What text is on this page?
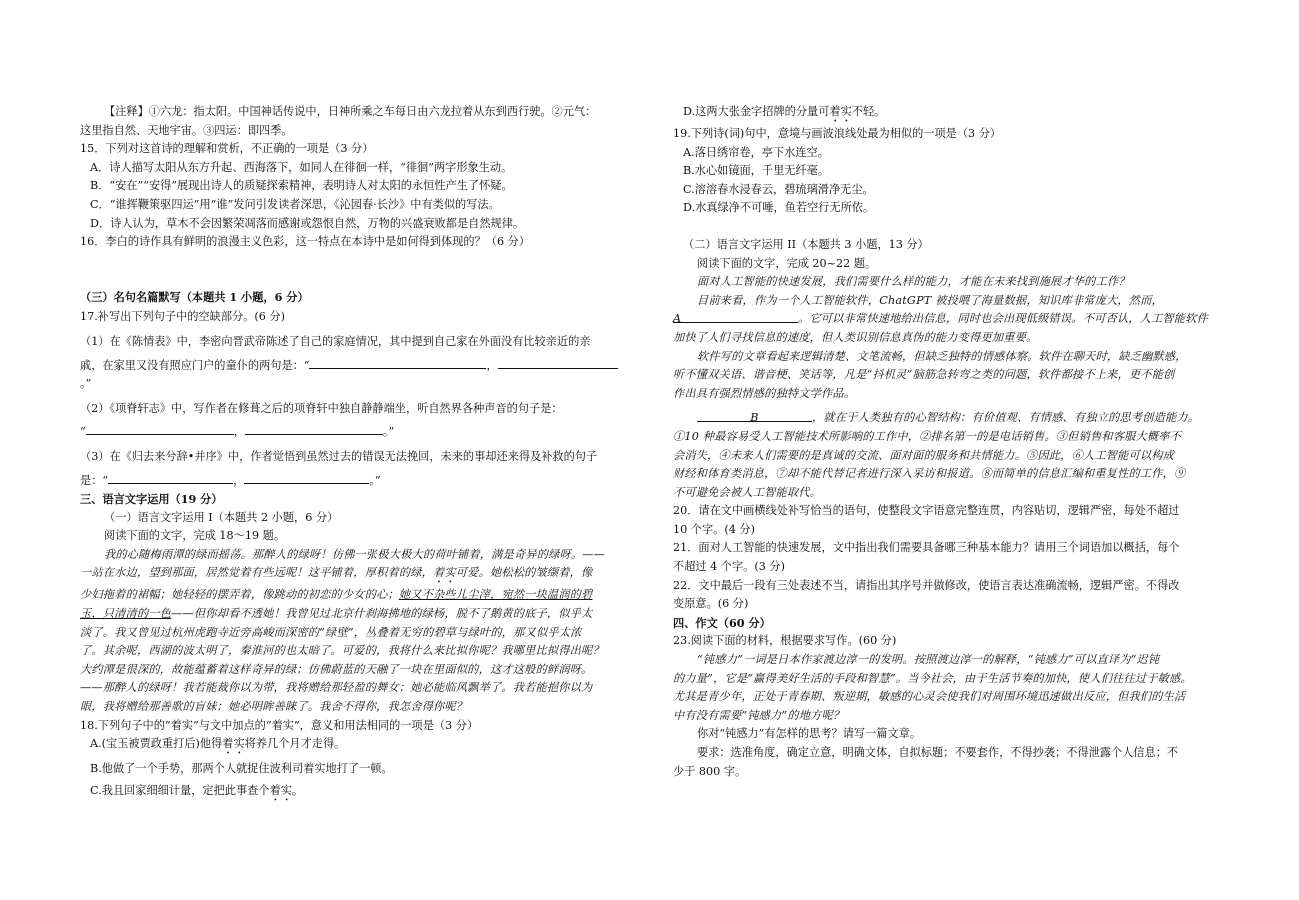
【注释】①六龙：指太阳。中国神话传说中，日神所乘之车每日由六龙拉着从东到西行驶。②元气：

这里指自然、天地宇宙。③四运：即四季。

15．下列对这首诗的理解和赏析，不正确的一项是（3 分）

A．诗人描写太阳从东方升起、西海落下，如同人在徘徊一样，“徘徊”两字形象生动。

B．“安在”“安得”展现出诗人的质疑探索精神，表明诗人对太阳的永恒性产生了怀疑。

C．“谁挥鞭策驱四运”用“谁”发问引发读者深思，《沁园春·长沙》中有类似的写法。

D．诗人认为，草木不会因繁荣凋落而感谢或怨恨自然，万物的兴盛衰败都是自然规律。

16．李白的诗作具有鲜明的浪漫主义色彩，这一特点在本诗中是如何得到体现的？（6 分）

（三）名句名篇默写（本题共 1 小题，6 分）

17.补写出下列句子中的空缺部分。(6 分)

（1）在《陈情表》中，李密向晋武帝陈述了自己的家庭情况，其中提到自己家在外面没有比较亲近的亲

戚，在家里又没有照应门户的童仆的两句是：“	，。”

（2）《项脊轩志》中，写作者在修葺之后的项脊轩中独自静静端坐，听自然界各种声音的句子是：

“	，	。”

（3）在《归去来兮辞•并序》中，作者觉悟到虽然过去的错误无法挽回，未来的事却还来得及补救的句子

是：“	，	。”

三、语言文字运用（19 分）

（一）语言文字运用 I（本题共 2 小题，6 分）

阅读下面的文字，完成 18～19 题。

我的心随梅雨潭的绿而摇荡。那醉人的绿呀！仿佛一张极大极大的荷叶铺着，满是奇异的绿呀。——

一站在水边，望到那面，居然觉着有些远呢！这平铺着，厚积着的绿，着实可爱。她松松的皱缬着，像

少妇拖着的裙幅；她轻轻的摆弄着，像跳动的初恋的少女的心；她又不杂些儿尘滓，宛然一块温润的碧

玉，只清清的一色——但你却看不透她！我曾见过北京什刹海拂地的绿杨，脱不了鹅黄的底子，似乎太

淡了。我又曾见过杭州虎跑寺近旁高峻而深密的“绿壁”，丛叠着无穷的碧草与绿叶的，那又似乎太浓

了。其余呢，西湖的波太明了，秦淮河的也太暗了。可爱的，我将什么来比拟你呢？我哪里比拟得出呢？

大约潭是很深的，故能蕴蓄着这样奇异的绿；仿佛蔚蓝的天融了一块在里面似的，这才这般的鲜润呀。

——那醉人的绿呀！我若能裁你以为带，我将赠给那轻盈的舞女；她必能临风飘举了。我若能挹你以为

眼，我将赠给那善歌的盲妹；她必明眸善睐了。我舍不得你，我怎舍得你呢？

18.下列句子中的“着实”与文中加点的“着实”，意义和用法相同的一项是（3 分）

A.(宝玉被贾政重打后)他得着实将养几个月才走得。

B.他做了一个手势，那两个人就捉住波利司着实地打了一顿。

C.我且回家细细计量，定把此事查个着实。

D.这两大张金字招牌的分量可着实不轻。

19.下列诗(词)句中，意境与画波浪线处最为相似的一项是（3 分）

A.落日绣帘卷，亭下水连空。

B.水心如镜面，千里无纤毫。

C.溶溶春水浸春云，碧琉璃滑净无尘。

D.水真绿净不可唾，鱼若空行无所依。

（二）语言文字运用 II（本题共 3 小题，13 分）

阅读下面的文字，完成 20~22 题。

面对人工智能的快速发展，我们需要什么样的能力，才能在未来找到施展才华的工作？

目前来看，作为一个人工智能软件，ChatGPT 被投喂了海量数据，知识库非常庞大，然而，

A	。它可以非常快速地给出信息，同时也会出现低级错误。不可否认，人工智能软件

加快了人们寻找信息的速度，但人类识别信息真伪的能力变得更加重要。

软件写的文章看起来逻辑清楚、文笔流畅，但缺乏独特的情感体察。软件在聊天时，缺乏幽默感，

听不懂双关语、谐音梗、笑话等，凡是“抖机灵”脑筋急转弯之类的问题，软件都接不上来，更不能创

作出具有强烈情感的独特文学作品。

B	，就在于人类独有的心智结构：有价值观、有情感、有独立的思考创造能力。

①10 种最容易受人工智能技术所影响的工作中，②排名第一的是电话销售。③但销售和客服大概率不

会消失，④未来人们需要的是真诚的交流、面对面的服务和共情能力。⑤因此，⑥人工智能可以构成

财经和体育类消息，⑦却不能代替记者进行深入采访和报道。⑧而简单的信息汇编和重复性的工作，⑨

不可避免会被人工智能取代。

20．请在文中画横线处补写恰当的语句，使整段文字语意完整连贯，内容贴切，逻辑严密，每处不超过

10 个字。(4 分)

21．面对人工智能的快速发展，文中指出我们需要具备哪三种基本能力？请用三个词语加以概括，每个

不超过 4 个字。(3 分)

22．文中最后一段有三处表述不当，请指出其序号并做修改，使语言表达准确流畅，逻辑严密。不得改

变原意。(6 分)

四、作文（60 分）

23.阅读下面的材料，根据要求写作。(60 分)

“钝感力”一词是日本作家渡边淳一的发明。按照渡边淳一的解释，“钝感力”可以直译为“迟钝

的力量”，它是“赢得美好生活的手段和智慧”。当今社会，由于生活节奏的加快，使人们往往过于敏感。

尤其是青少年，正处于青春期、叛逆期，敏感的心灵会使我们对周围环境迅速做出反应，但我们的生活

中有没有需要“钝感力”的地方呢？

你对“钝感力”有怎样的思考？请写一篇文章。

要求：选准角度，确定立意，明确文体，自拟标题；不要套作，不得抄袭；不得泄露个人信息；不

少于 800 字。
